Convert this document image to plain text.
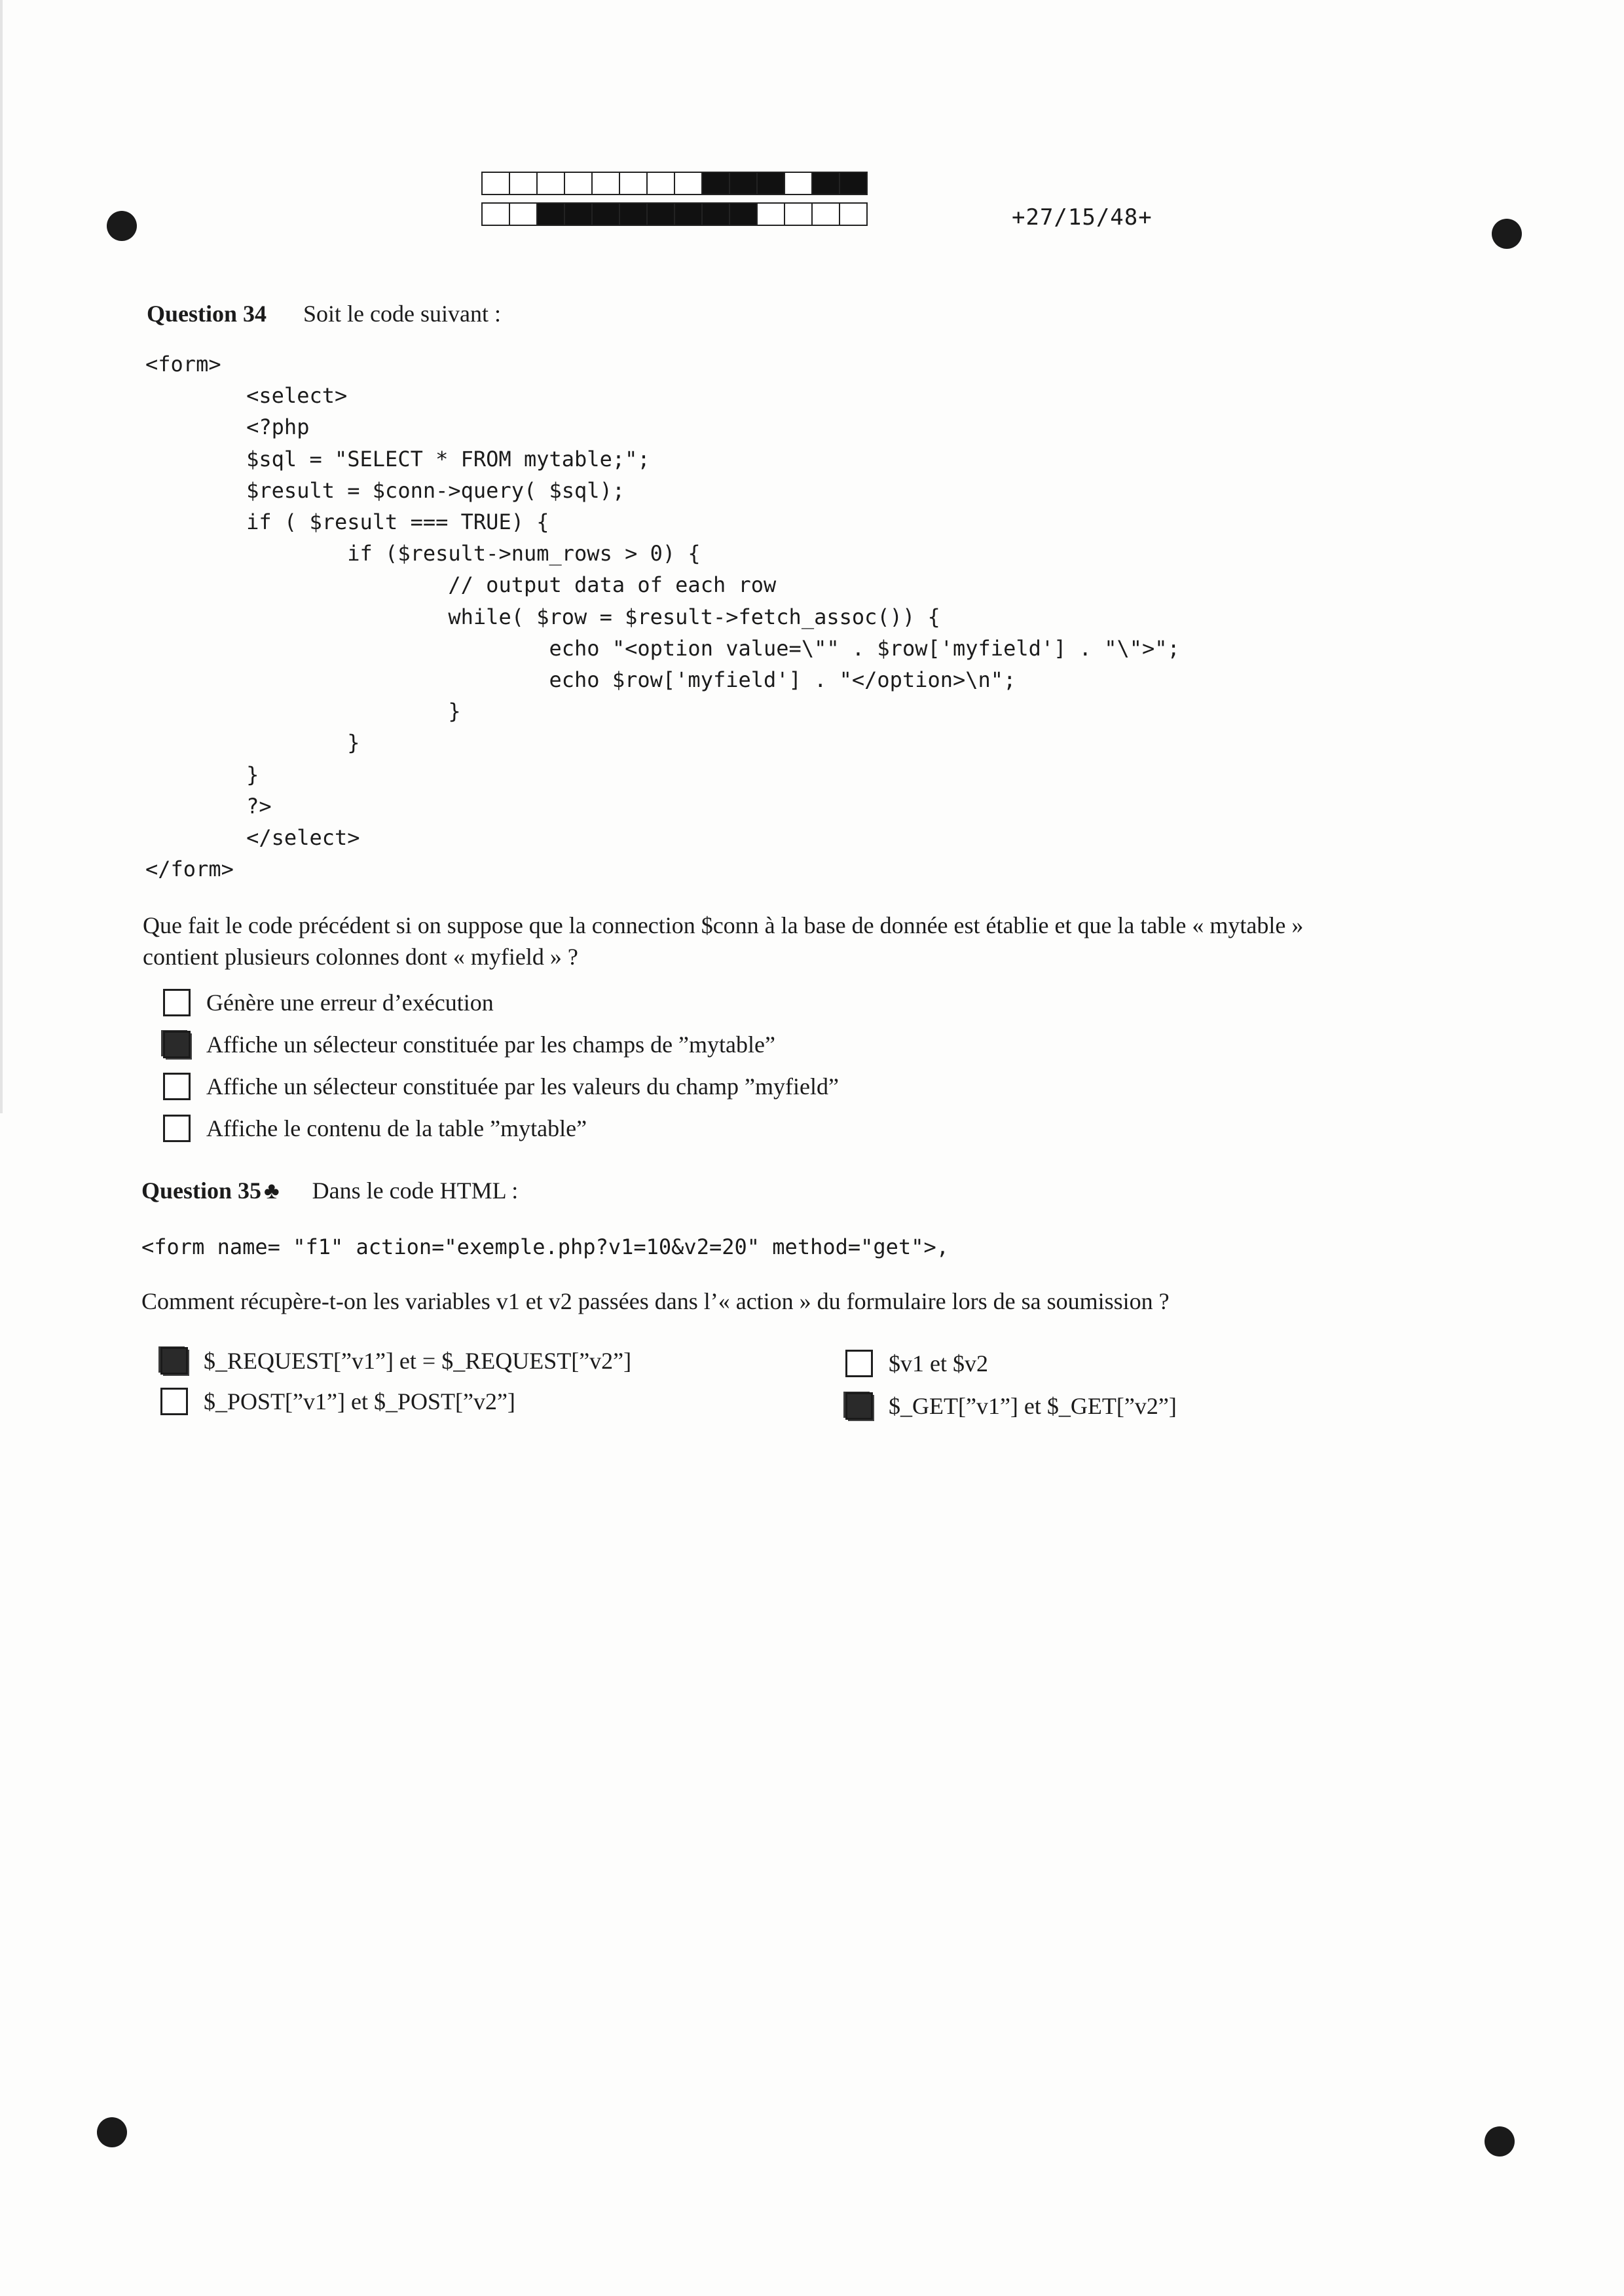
+27/15/48+
Question 34 Soit le code suivant :
<form>
<select>
<?php
$sql = "SELECT * FROM mytable;";
$result = $conn->query( $sql);
if ( $result === TRUE) {
if ($result->num_rows > 0) {
// output data of each row
while( $row = $result->fetch_assoc()) {
echo "<option value=\"" . $row['myfield'] . "\">";
echo $row['myfield'] . "</option>\n";
}
}
}
?>
</select>
</form>
Que fait le code précédent si on suppose que la connection $conn à la base de donnée est établie et que la table « mytable »
contient plusieurs colonnes dont « myfield » ?
Génère une erreur d’exécution
Affiche un sélecteur constituée par les champs de ”mytable”
Affiche un sélecteur constituée par les valeurs du champ ”myfield”
Affiche le contenu de la table ”mytable”
Question 35 ♣ Dans le code HTML :
<form name= "f1" action="exemple.php?v1=10&v2=20" method="get">,
Comment récupère-t-on les variables v1 et v2 passées dans l’« action » du formulaire lors de sa soumission ?
$_REQUEST[”v1”] et = $_REQUEST[”v2”]	$v1 et $v2
$_POST[”v1”] et $_POST[”v2”]	$_GET[”v1”] et $_GET[”v2”]
